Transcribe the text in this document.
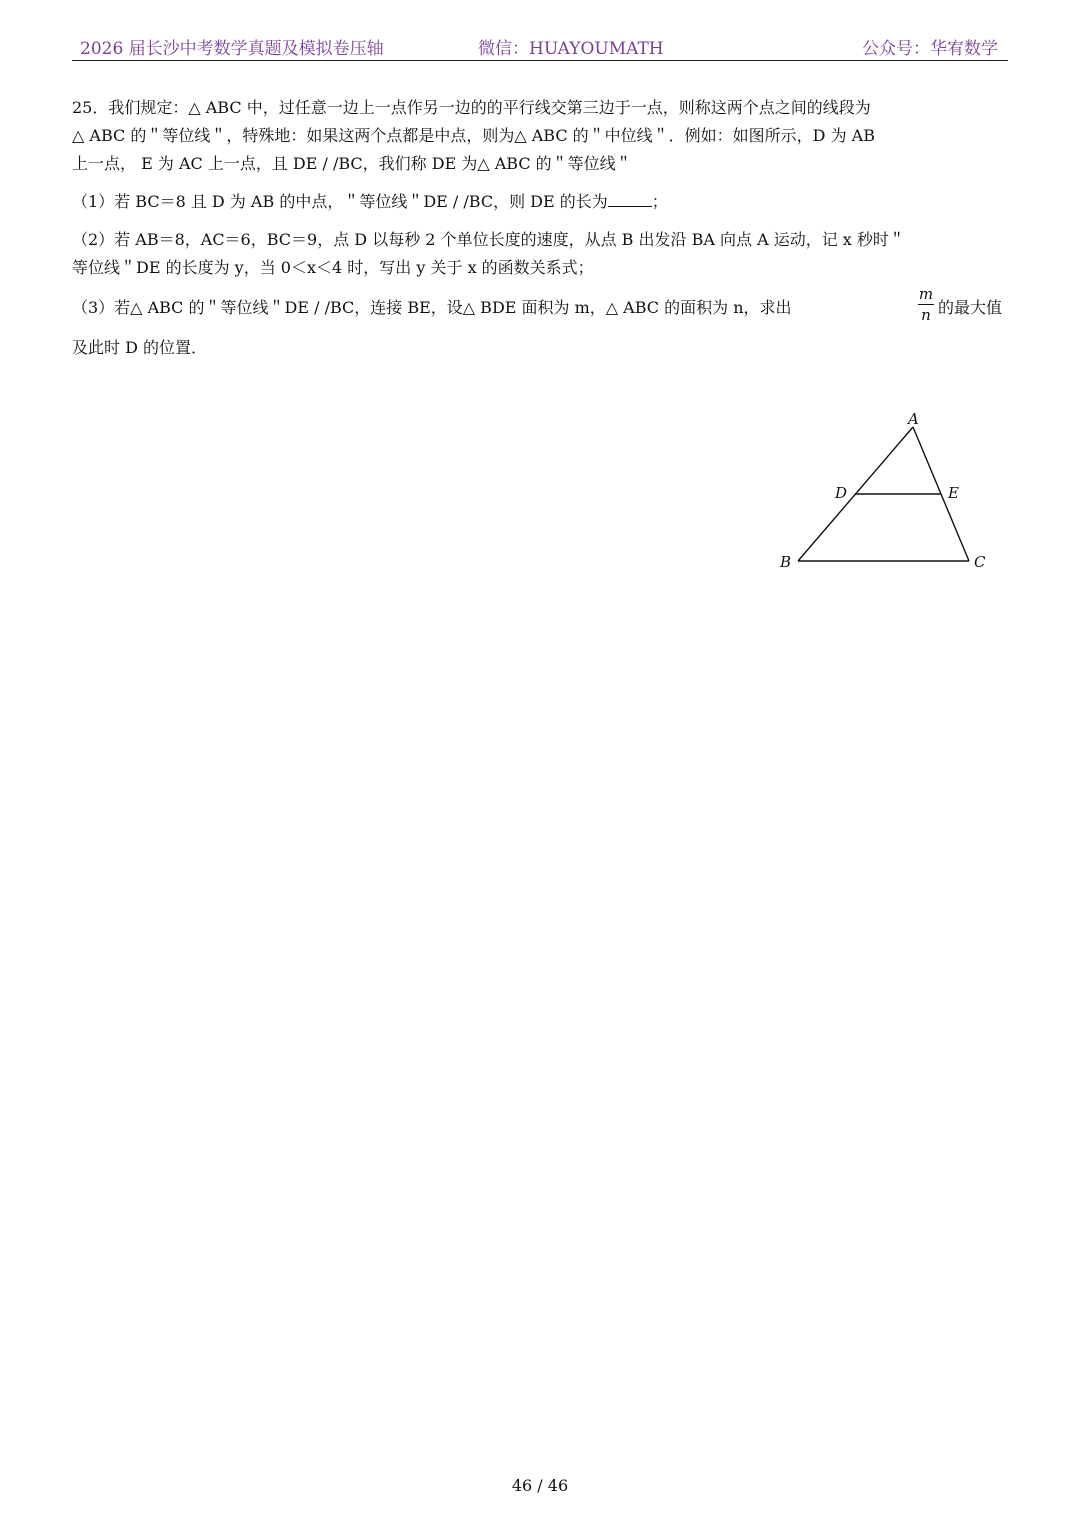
2026 届长沙中考数学真题及模拟卷压轴	微信：HUAYOUMATH	公众号：华宥数学
25．我们规定：△ ABC 中，过任意一边上一点作另一边的的平行线交第三边于一点，则称这两个点之间的线段为
△ ABC 的＂等位线＂，特殊地：如果这两个点都是中点，则为△ ABC 的＂中位线＂．例如：如图所示，D 为 AB
上一点， E 为 AC 上一点，且 DE / /BC，我们称 DE 为△ ABC 的＂等位线＂
（1）若 BC＝8 且 D 为 AB 的中点，＂等位线＂DE / /BC，则 DE 的长为	；
（2）若 AB＝8，AC＝6，BC＝9，点 D 以每秒 2 个单位长度的速度，从点 B 出发沿 BA 向点 A 运动，记 x 秒时＂
等位线＂DE 的长度为 y，当 0＜x＜4 时，写出 y 关于 x 的函数关系式；
（3）若△ ABC 的＂等位线＂DE / /BC，连接 BE，设△ BDE 面积为 m，△ ABC 的面积为 n，求出	$\frac{m}{n}$ 的最大值
及此时 D 的位置．
A
B	C
D	E
46 / 46
